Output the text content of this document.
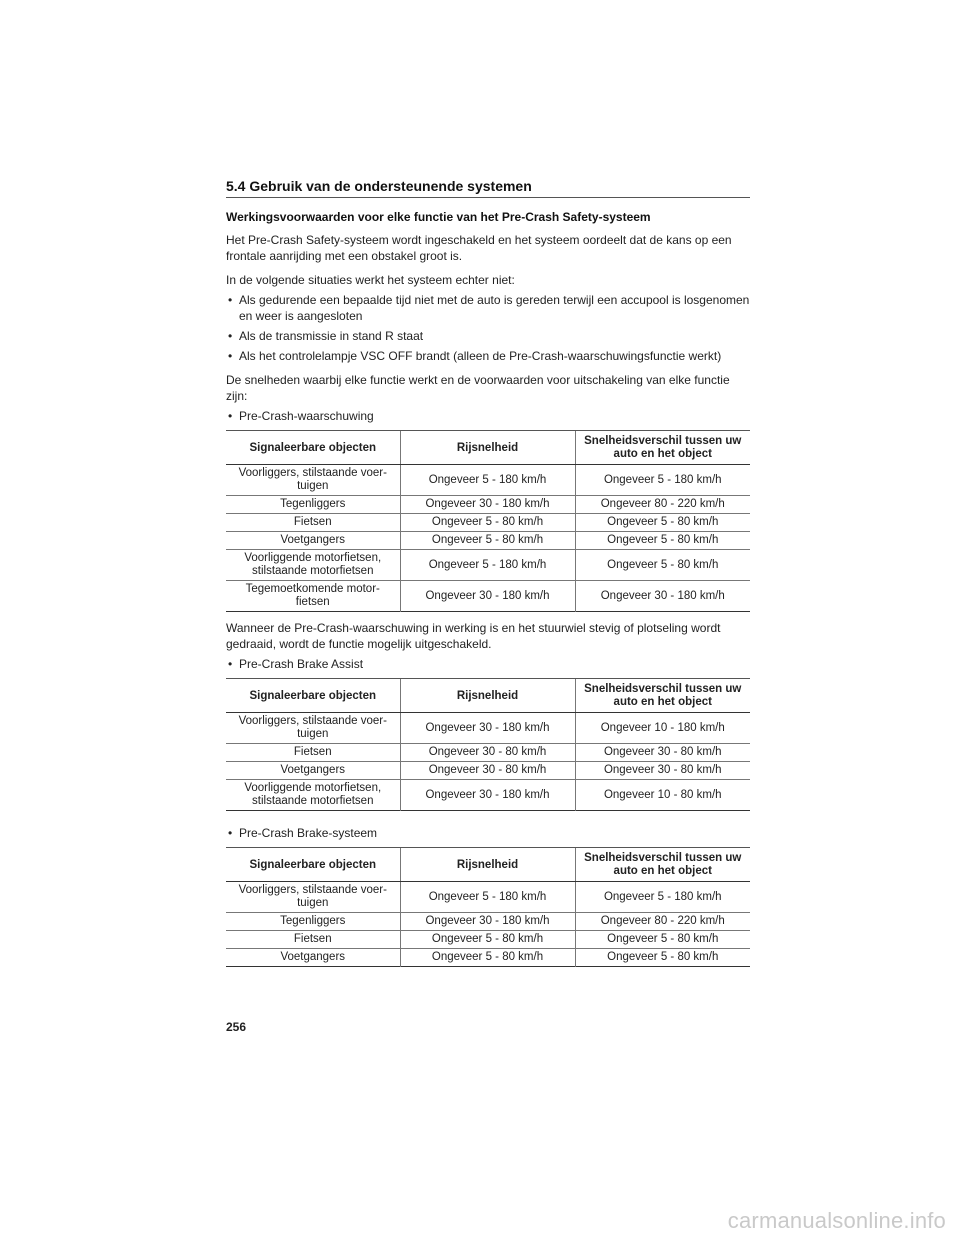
5.4 Gebruik van de ondersteunende systemen
Werkingsvoorwaarden voor elke functie van het Pre-Crash Safety-systeem
Het Pre-Crash Safety-systeem wordt ingeschakeld en het systeem oordeelt dat de kans op een frontale aanrijding met een obstakel groot is.
In de volgende situaties werkt het systeem echter niet:
• Als gedurende een bepaalde tijd niet met de auto is gereden terwijl een accupool is losgenomen en weer is aangesloten
• Als de transmissie in stand R staat
• Als het controlelampje VSC OFF brandt (alleen de Pre-Crash-waarschuwingsfunctie werkt)
De snelheden waarbij elke functie werkt en de voorwaarden voor uitschakeling van elke functie zijn:
• Pre-Crash-waarschuwing
Signaleerbare objecten	Rijsnelheid	Snelheidsverschil tussen uw auto en het object
Voorliggers, stilstaande voer-tuigen	Ongeveer 5 - 180 km/h	Ongeveer 5 - 180 km/h
Tegenliggers	Ongeveer 30 - 180 km/h	Ongeveer 80 - 220 km/h
Fietsen	Ongeveer 5 - 80 km/h	Ongeveer 5 - 80 km/h
Voetgangers	Ongeveer 5 - 80 km/h	Ongeveer 5 - 80 km/h
Voorliggende motorfietsen, stilstaande motorfietsen	Ongeveer 5 - 180 km/h	Ongeveer 5 - 80 km/h
Tegemoetkomende motor-fietsen	Ongeveer 30 - 180 km/h	Ongeveer 30 - 180 km/h
Wanneer de Pre-Crash-waarschuwing in werking is en het stuurwiel stevig of plotseling wordt gedraaid, wordt de functie mogelijk uitgeschakeld.
• Pre-Crash Brake Assist
Signaleerbare objecten	Rijsnelheid	Snelheidsverschil tussen uw auto en het object
Voorliggers, stilstaande voer-tuigen	Ongeveer 30 - 180 km/h	Ongeveer 10 - 180 km/h
Fietsen	Ongeveer 30 - 80 km/h	Ongeveer 30 - 80 km/h
Voetgangers	Ongeveer 30 - 80 km/h	Ongeveer 30 - 80 km/h
Voorliggende motorfietsen, stilstaande motorfietsen	Ongeveer 30 - 180 km/h	Ongeveer 10 - 80 km/h
• Pre-Crash Brake-systeem
Signaleerbare objecten	Rijsnelheid	Snelheidsverschil tussen uw auto en het object
Voorliggers, stilstaande voer-tuigen	Ongeveer 5 - 180 km/h	Ongeveer 5 - 180 km/h
Tegenliggers	Ongeveer 30 - 180 km/h	Ongeveer 80 - 220 km/h
Fietsen	Ongeveer 5 - 80 km/h	Ongeveer 5 - 80 km/h
Voetgangers	Ongeveer 5 - 80 km/h	Ongeveer 5 - 80 km/h
256
carmanualsonline.info
